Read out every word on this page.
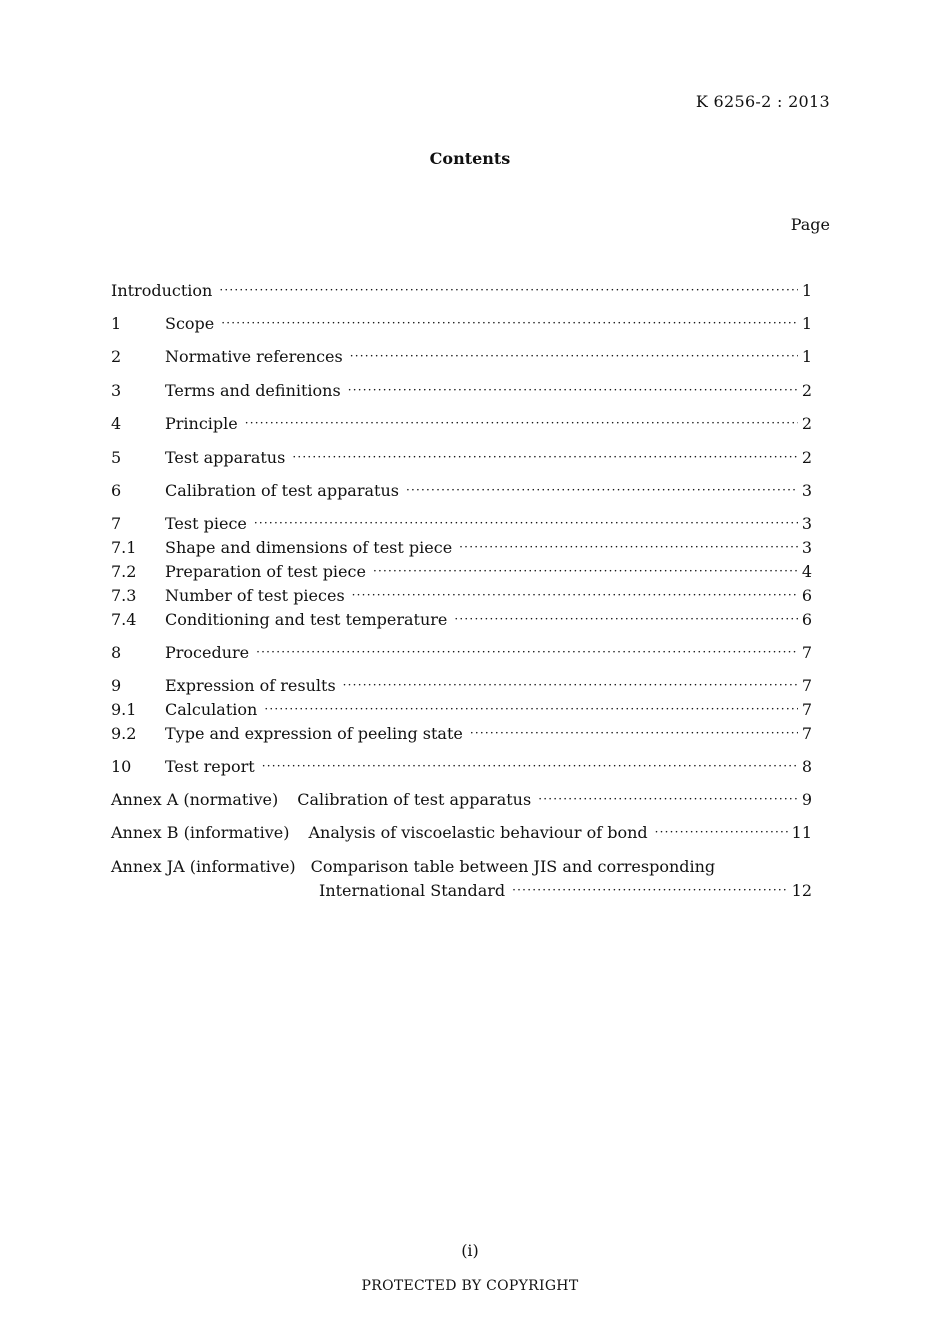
K 6256-2 : 2013
Contents
Page
Introduction ·····	1
1	Scope ·····	1
2	Normative references ·····	1
3	Terms and definitions ·····	2
4	Principle ·····	2
5	Test apparatus ·····	2
6	Calibration of test apparatus ·····	3
7	Test piece ·····	3
7.1	Shape and dimensions of test piece ·····	3
7.2	Preparation of test piece ·····	4
7.3	Number of test pieces ·····	6
7.4	Conditioning and test temperature ·····	6
8	Procedure ·····	7
9	Expression of results ·····	7
9.1	Calculation ·····	7
9.2	Type and expression of peeling state ·····	7
10	Test report ·····	8
Annex A (normative) Calibration of test apparatus ·····	9
Annex B (informative) Analysis of viscoelastic behaviour of bond ·····	11
Annex JA (informative) Comparison table between JIS and corresponding
International Standard ·····	12
(i)
PROTECTED BY COPYRIGHT
